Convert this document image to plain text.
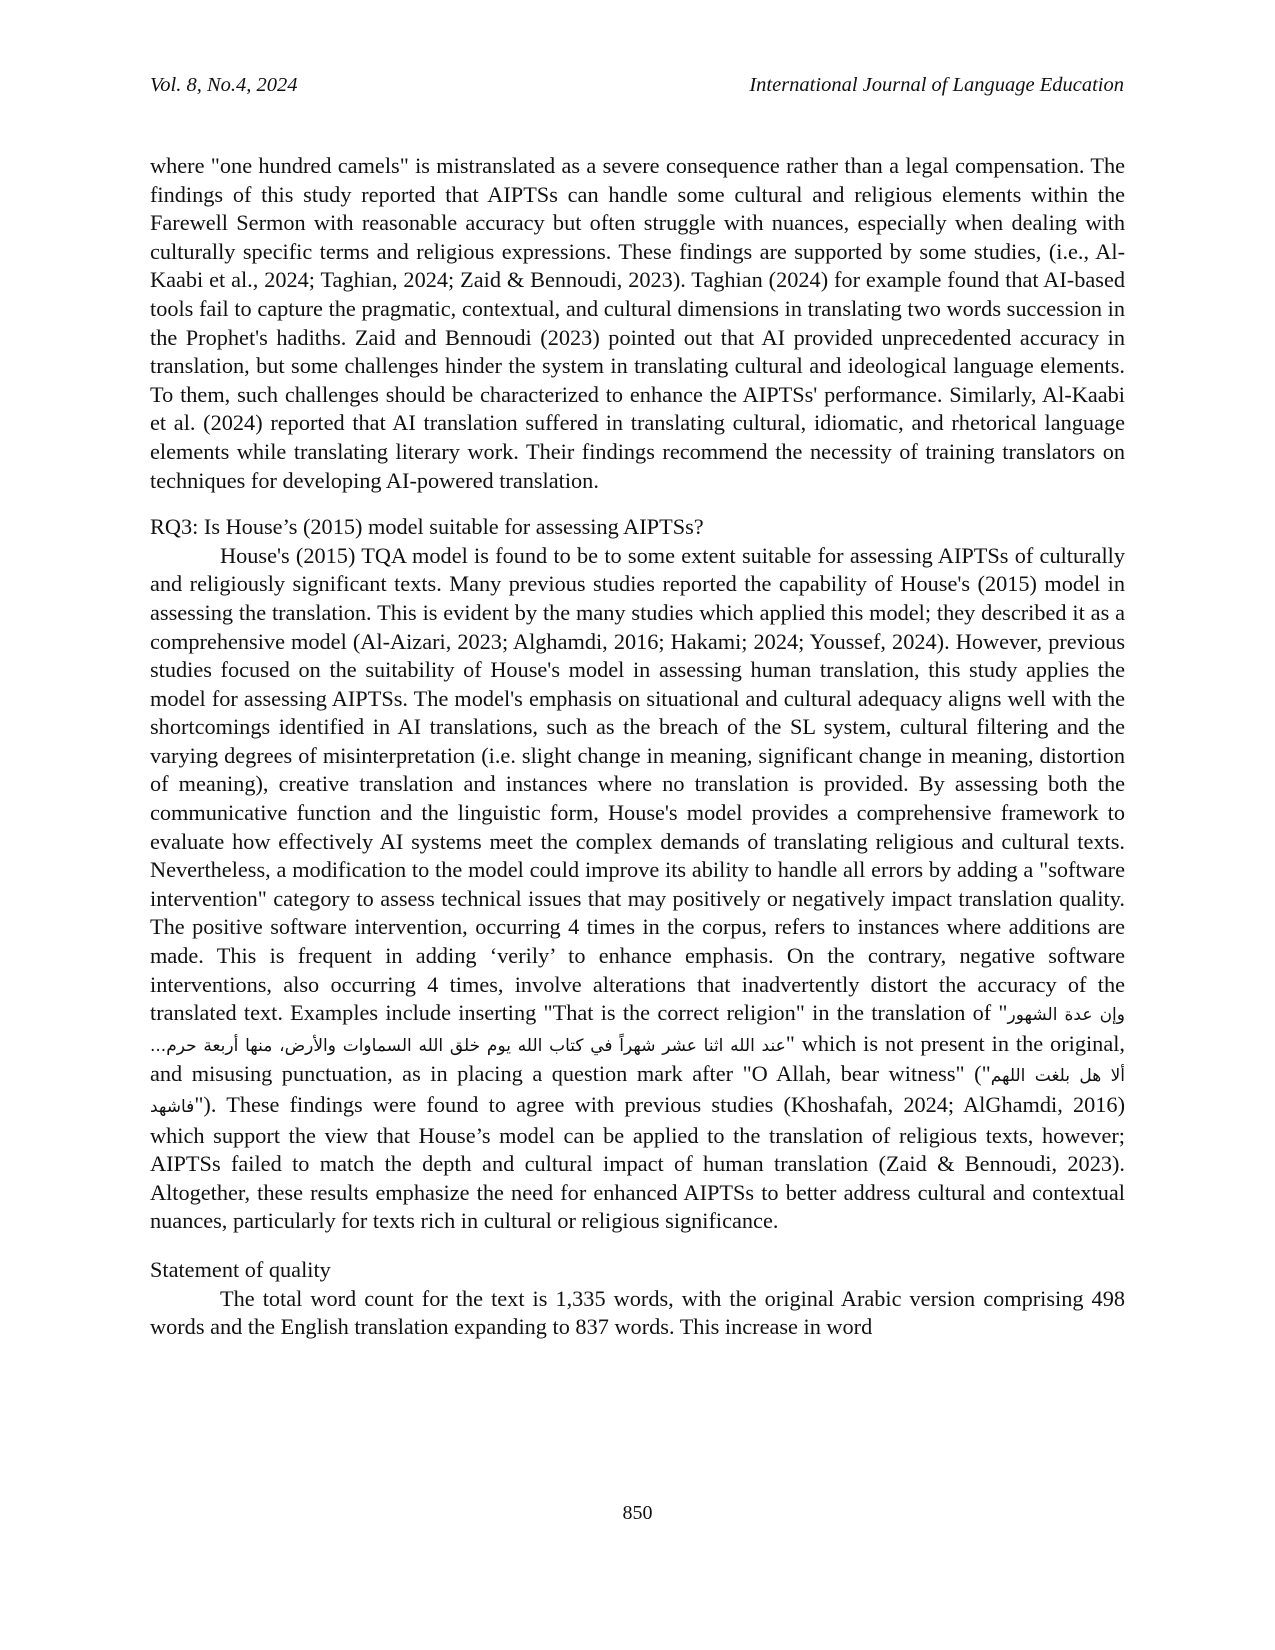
Vol. 8, No.4, 2024	International Journal of Language Education

where "one hundred camels" is mistranslated as a severe consequence rather than a legal compensation. The findings of this study reported that AIPTSs can handle some cultural and religious elements within the Farewell Sermon with reasonable accuracy but often struggle with nuances, especially when dealing with culturally specific terms and religious expressions. These findings are supported by some studies, (i.e., Al-Kaabi et al., 2024; Taghian, 2024; Zaid & Bennoudi, 2023). Taghian (2024) for example found that AI-based tools fail to capture the pragmatic, contextual, and cultural dimensions in translating two words succession in the Prophet's hadiths. Zaid and Bennoudi (2023) pointed out that AI provided unprecedented accuracy in translation, but some challenges hinder the system in translating cultural and ideological language elements. To them, such challenges should be characterized to enhance the AIPTSs' performance. Similarly, Al-Kaabi et al. (2024) reported that AI translation suffered in translating cultural, idiomatic, and rhetorical language elements while translating literary work. Their findings recommend the necessity of training translators on techniques for developing AI-powered translation.

RQ3: Is House’s (2015) model suitable for assessing AIPTSs?

House's (2015) TQA model is found to be to some extent suitable for assessing AIPTSs of culturally and religiously significant texts. Many previous studies reported the capability of House's (2015) model in assessing the translation. This is evident by the many studies which applied this model; they described it as a comprehensive model (Al-Aizari, 2023; Alghamdi, 2016; Hakami; 2024; Youssef, 2024). However, previous studies focused on the suitability of House's model in assessing human translation, this study applies the model for assessing AIPTSs. The model's emphasis on situational and cultural adequacy aligns well with the shortcomings identified in AI translations, such as the breach of the SL system, cultural filtering and the varying degrees of misinterpretation (i.e. slight change in meaning, significant change in meaning, distortion of meaning), creative translation and instances where no translation is provided. By assessing both the communicative function and the linguistic form, House's model provides a comprehensive framework to evaluate how effectively AI systems meet the complex demands of translating religious and cultural texts. Nevertheless, a modification to the model could improve its ability to handle all errors by adding a "software intervention" category to assess technical issues that may positively or negatively impact translation quality. The positive software intervention, occurring 4 times in the corpus, refers to instances where additions are made. This is frequent in adding ‘verily’ to enhance emphasis. On the contrary, negative software interventions, also occurring 4 times, involve alterations that inadvertently distort the accuracy of the translated text. Examples include inserting "That is the correct religion" in the translation of "وإن عدة الشهور عند الله اثنا عشر شهراً في كتاب الله يوم خلق الله السماوات والأرض، منها أربعة حرم..." which is not present in the original, and misusing punctuation, as in placing a question mark after "O Allah, bear witness" ("ألا هل بلغت اللهم فاشهد"). These findings were found to agree with previous studies (Khoshafah, 2024; AlGhamdi, 2016) which support the view that House’s model can be applied to the translation of religious texts, however; AIPTSs failed to match the depth and cultural impact of human translation (Zaid & Bennoudi, 2023). Altogether, these results emphasize the need for enhanced AIPTSs to better address cultural and contextual nuances, particularly for texts rich in cultural or religious significance.

Statement of quality

The total word count for the text is 1,335 words, with the original Arabic version comprising 498 words and the English translation expanding to 837 words. This increase in word

850
